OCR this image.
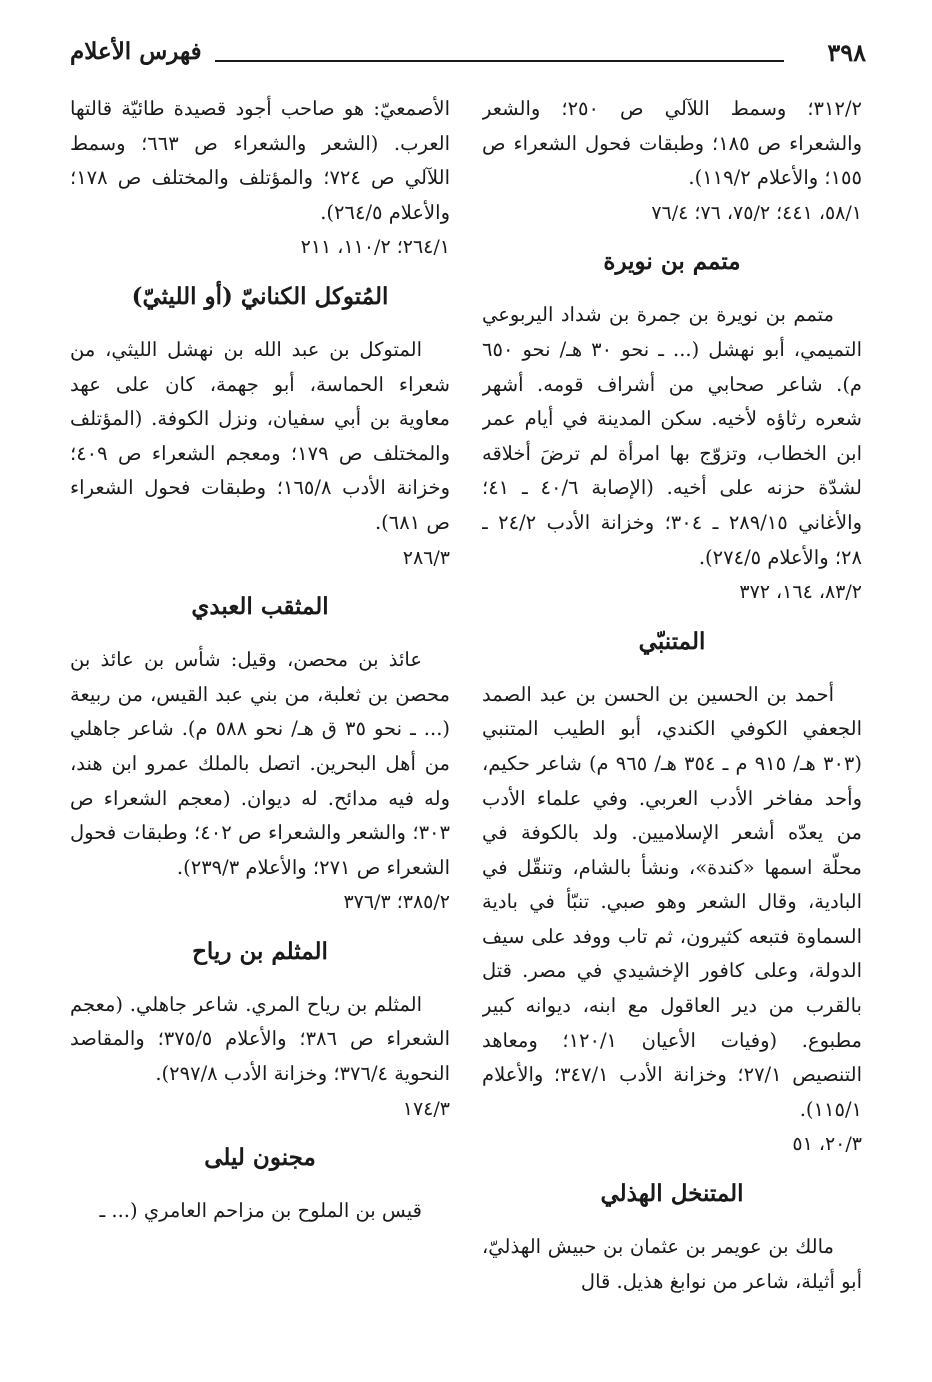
٣٩٨
فهرس الأعلام

٣١٢/٢؛ وسمط اللآلي ص ٢٥٠؛ والشعر والشعراء ص ١٨٥؛ وطبقات فحول الشعراء ص ١٥٥؛ والأعلام ١١٩/٢).

٥٨/١، ٤٤١؛ ٧٥/٢، ٧٦؛ ٧٦/٤

متمم بن نويرة

متمم بن نويرة بن جمرة بن شداد اليربوعي التميمي، أبو نهشل (... ـ نحو ٣٠ هـ/ نحو ٦٥٠ م). شاعر صحابي من أشراف قومه. أشهر شعره رثاؤه لأخيه. سكن المدينة في أيام عمر ابن الخطاب، وتزوّج بها امرأة لم ترضَ أخلاقه لشدّة حزنه على أخيه. (الإصابة ٤٠/٦ ـ ٤١؛ والأغاني ٢٨٩/١٥ ـ ٣٠٤؛ وخزانة الأدب ٢٤/٢ ـ ٢٨؛ والأعلام ٢٧٤/٥).

٨٣/٢، ١٦٤، ٣٧٢

المتنبّي

أحمد بن الحسين بن الحسن بن عبد الصمد الجعفي الكوفي الكندي، أبو الطيب المتنبي (٣٠٣ هـ/ ٩١٥ م ـ ٣٥٤ هـ/ ٩٦٥ م) شاعر حكيم، وأحد مفاخر الأدب العربي. وفي علماء الأدب من يعدّه أشعر الإسلاميين. ولد بالكوفة في محلّة اسمها «كندة»، ونشأ بالشام، وتنقّل في البادية، وقال الشعر وهو صبي. تنبّأ في بادية السماوة فتبعه كثيرون، ثم تاب ووفد على سيف الدولة، وعلى كافور الإخشيدي في مصر. قتل بالقرب من دير العاقول مع ابنه، ديوانه كبير مطبوع. (وفيات الأعيان ١٢٠/١؛ ومعاهد التنصيص ٢٧/١؛ وخزانة الأدب ٣٤٧/١؛ والأعلام ١١٥/١).

٢٠/٣، ٥١

المتنخل الهذلي

مالك بن عويمر بن عثمان بن حبيش الهذليّ، أبو أثيلة، شاعر من نوابغ هذيل. قال

الأصمعيّ: هو صاحب أجود قصيدة طائيّة قالتها العرب. (الشعر والشعراء ص ٦٦٣؛ وسمط اللآلي ص ٧٢٤؛ والمؤتلف والمختلف ص ١٧٨؛ والأعلام ٢٦٤/٥).

٢٦٤/١؛ ١١٠/٢، ٢١١

المُتوكل الكنانيّ (أو الليثيّ)

المتوكل بن عبد الله بن نهشل الليثي، من شعراء الحماسة، أبو جهمة، كان على عهد معاوية بن أبي سفيان، ونزل الكوفة. (المؤتلف والمختلف ص ١٧٩؛ ومعجم الشعراء ص ٤٠٩؛ وخزانة الأدب ١٦٥/٨؛ وطبقات فحول الشعراء ص ٦٨١).

٢٨٦/٣

المثقب العبدي

عائذ بن محصن، وقيل: شأس بن عائذ بن محصن بن ثعلبة، من بني عبد القيس، من ربيعة (... ـ نحو ٣٥ ق هـ/ نحو ٥٨٨ م). شاعر جاهلي من أهل البحرين. اتصل بالملك عمرو ابن هند، وله فيه مدائح. له ديوان. (معجم الشعراء ص ٣٠٣؛ والشعر والشعراء ص ٤٠٢؛ وطبقات فحول الشعراء ص ٢٧١؛ والأعلام ٢٣٩/٣).

٣٨٥/٢؛ ٣٧٦/٣

المثلم بن رياح

المثلم بن رياح المري. شاعر جاهلي. (معجم الشعراء ص ٣٨٦؛ والأعلام ٣٧٥/٥؛ والمقاصد النحوية ٣٧٦/٤؛ وخزانة الأدب ٢٩٧/٨).

١٧٤/٣

مجنون ليلى

قيس بن الملوح بن مزاحم العامري (... ـ
